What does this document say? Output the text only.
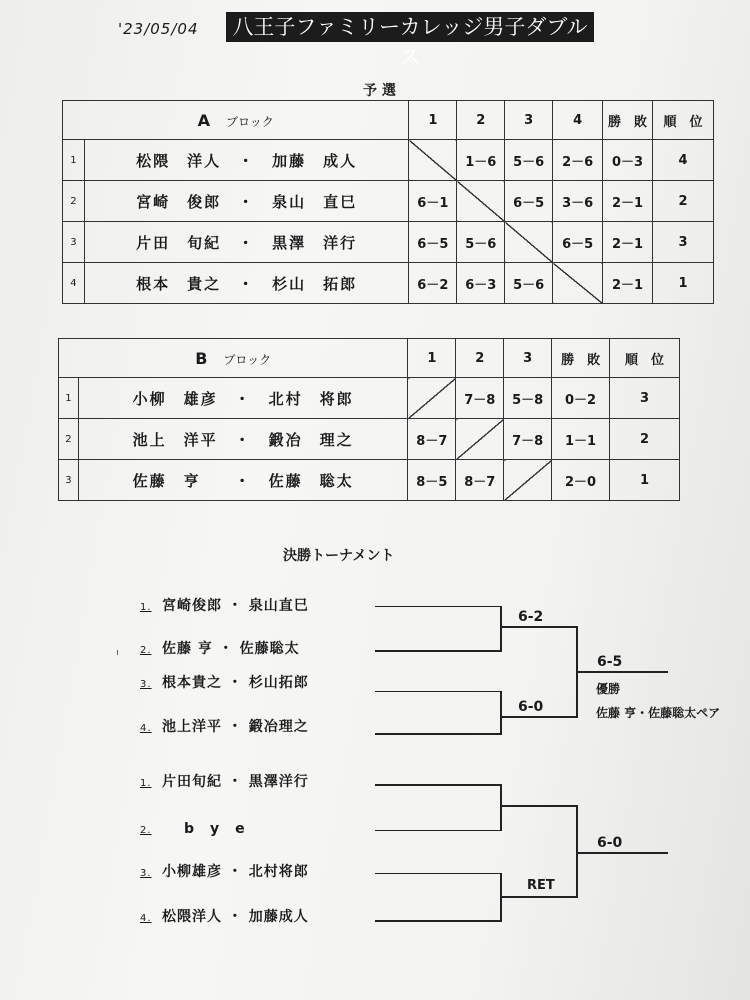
'23/05/04	八王子ファミリーカレッジ男子ダブルス
予 選
A ブロック		1	2	3	4	勝　敗	順　位
1	松隈　洋人　・　加藤　成人		1－6	5－6	2－6	0－3	4
2	宮崎　俊郎　・　泉山　直巳	6－1		6－5	3－6	2－1	2
3	片田　旬紀　・　黒澤　洋行	6－5	5－6		6－5	2－1	3
4	根本　貴之　・　杉山　拓郎	6－2	6－3	5－6		2－1	1
B ブロック		1	2	3	勝　敗	順　位
1	小柳　雄彦　・　北村　将郎		7－8	5－8	0－2	3
2	池上　洋平　・　鍛冶　理之	8－7		7－8	1－1	2
3	佐藤　亨　　・　佐藤　聡太	8－5	8－7		2－0	1
決勝トーナメント
1. 宮崎俊郎 ・ 泉山直巳
2. 佐藤 亨 ・ 佐藤聡太
3. 根本貴之 ・ 杉山拓郎
4. 池上洋平 ・ 鍛冶理之
1. 片田旬紀 ・ 黒澤洋行
2. b　y　e
3. 小柳雄彦 ・ 北村将郎
4. 松隈洋人 ・ 加藤成人
6-2
6-0
6-5
6-0
RET
優勝
佐藤 亨・佐藤聡太ペア
